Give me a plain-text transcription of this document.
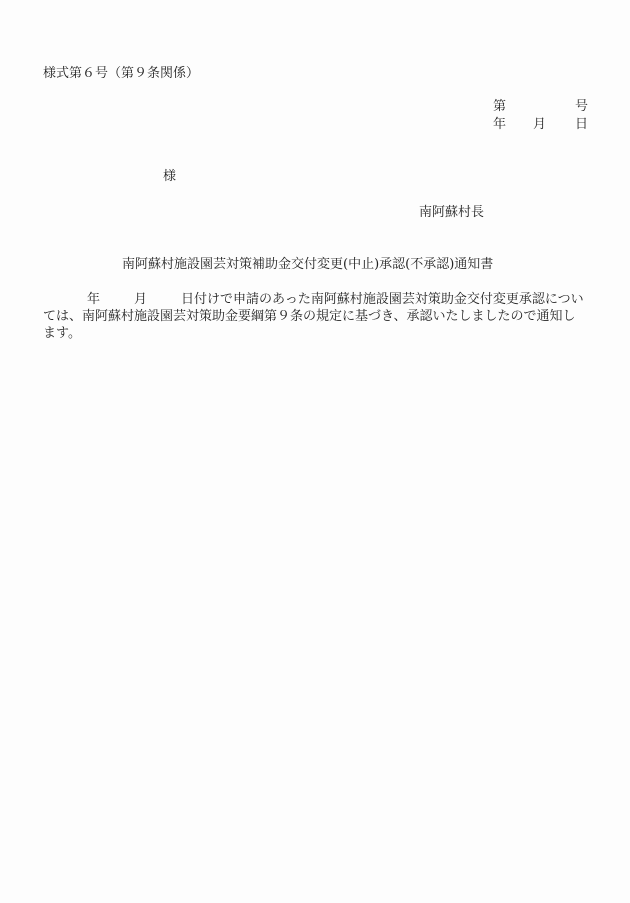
様式第６号（第９条関係）
第	号
年 月 日
様
南阿蘇村長
南阿蘇村施設園芸対策補助金交付変更(中止)承認(不承認)通知書
年	月	日付けで申請のあった南阿蘇村施設園芸対策助金交付変更承認につい
ては、南阿蘇村施設園芸対策助金要綱第９条の規定に基づき、承認いたしましたので通知し
ます。
